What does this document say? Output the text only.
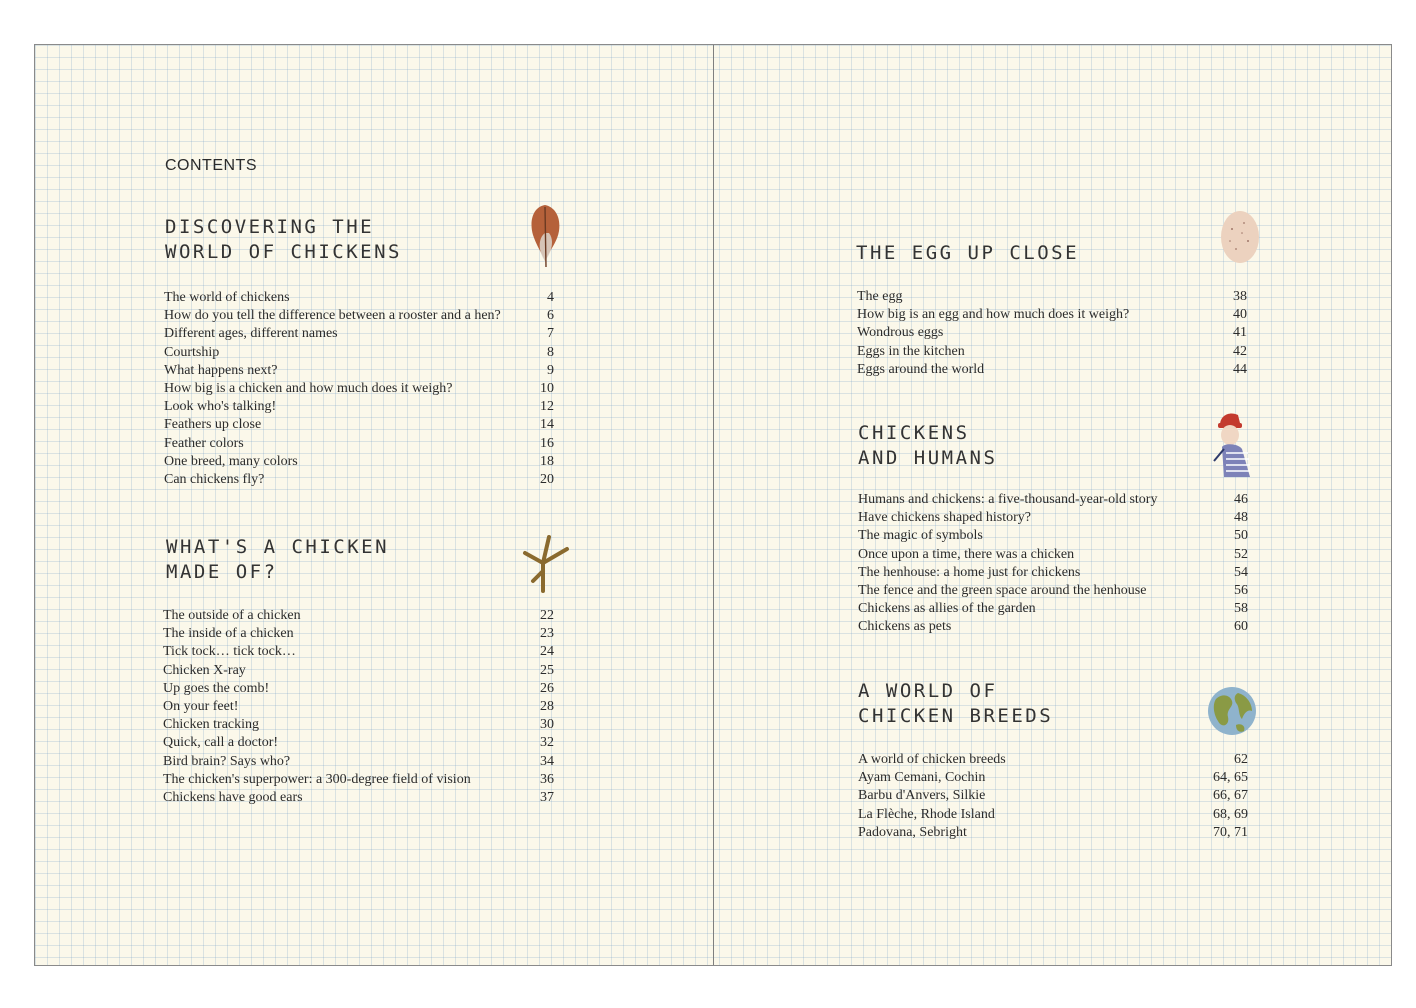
CONTENTS
DISCOVERING THE
WORLD OF CHICKENS
The world of chickens	4
How do you tell the difference between a rooster and a hen?	6
Different ages, different names	7
Courtship	8
What happens next?	9
How big is a chicken and how much does it weigh?	10
Look who's talking!	12
Feathers up close	14
Feather colors	16
One breed, many colors	18
Can chickens fly?	20
WHAT'S A CHICKEN
MADE OF?
The outside of a chicken	22
The inside of a chicken	23
Tick tock… tick tock…	24
Chicken X-ray	25
Up goes the comb!	26
On your feet!	28
Chicken tracking	30
Quick, call a doctor!	32
Bird brain? Says who?	34
The chicken's superpower: a 300-degree field of vision	36
Chickens have good ears	37
THE EGG UP CLOSE
The egg	38
How big is an egg and how much does it weigh?	40
Wondrous eggs	41
Eggs in the kitchen	42
Eggs around the world	44
CHICKENS
AND HUMANS
Humans and chickens: a five-thousand-year-old story	46
Have chickens shaped history?	48
The magic of symbols	50
Once upon a time, there was a chicken	52
The henhouse: a home just for chickens	54
The fence and the green space around the henhouse	56
Chickens as allies of the garden	58
Chickens as pets	60
A WORLD OF
CHICKEN BREEDS
A world of chicken breeds	62
Ayam Cemani, Cochin	64, 65
Barbu d'Anvers, Silkie	66, 67
La Flèche, Rhode Island	68, 69
Padovana, Sebright	70, 71
